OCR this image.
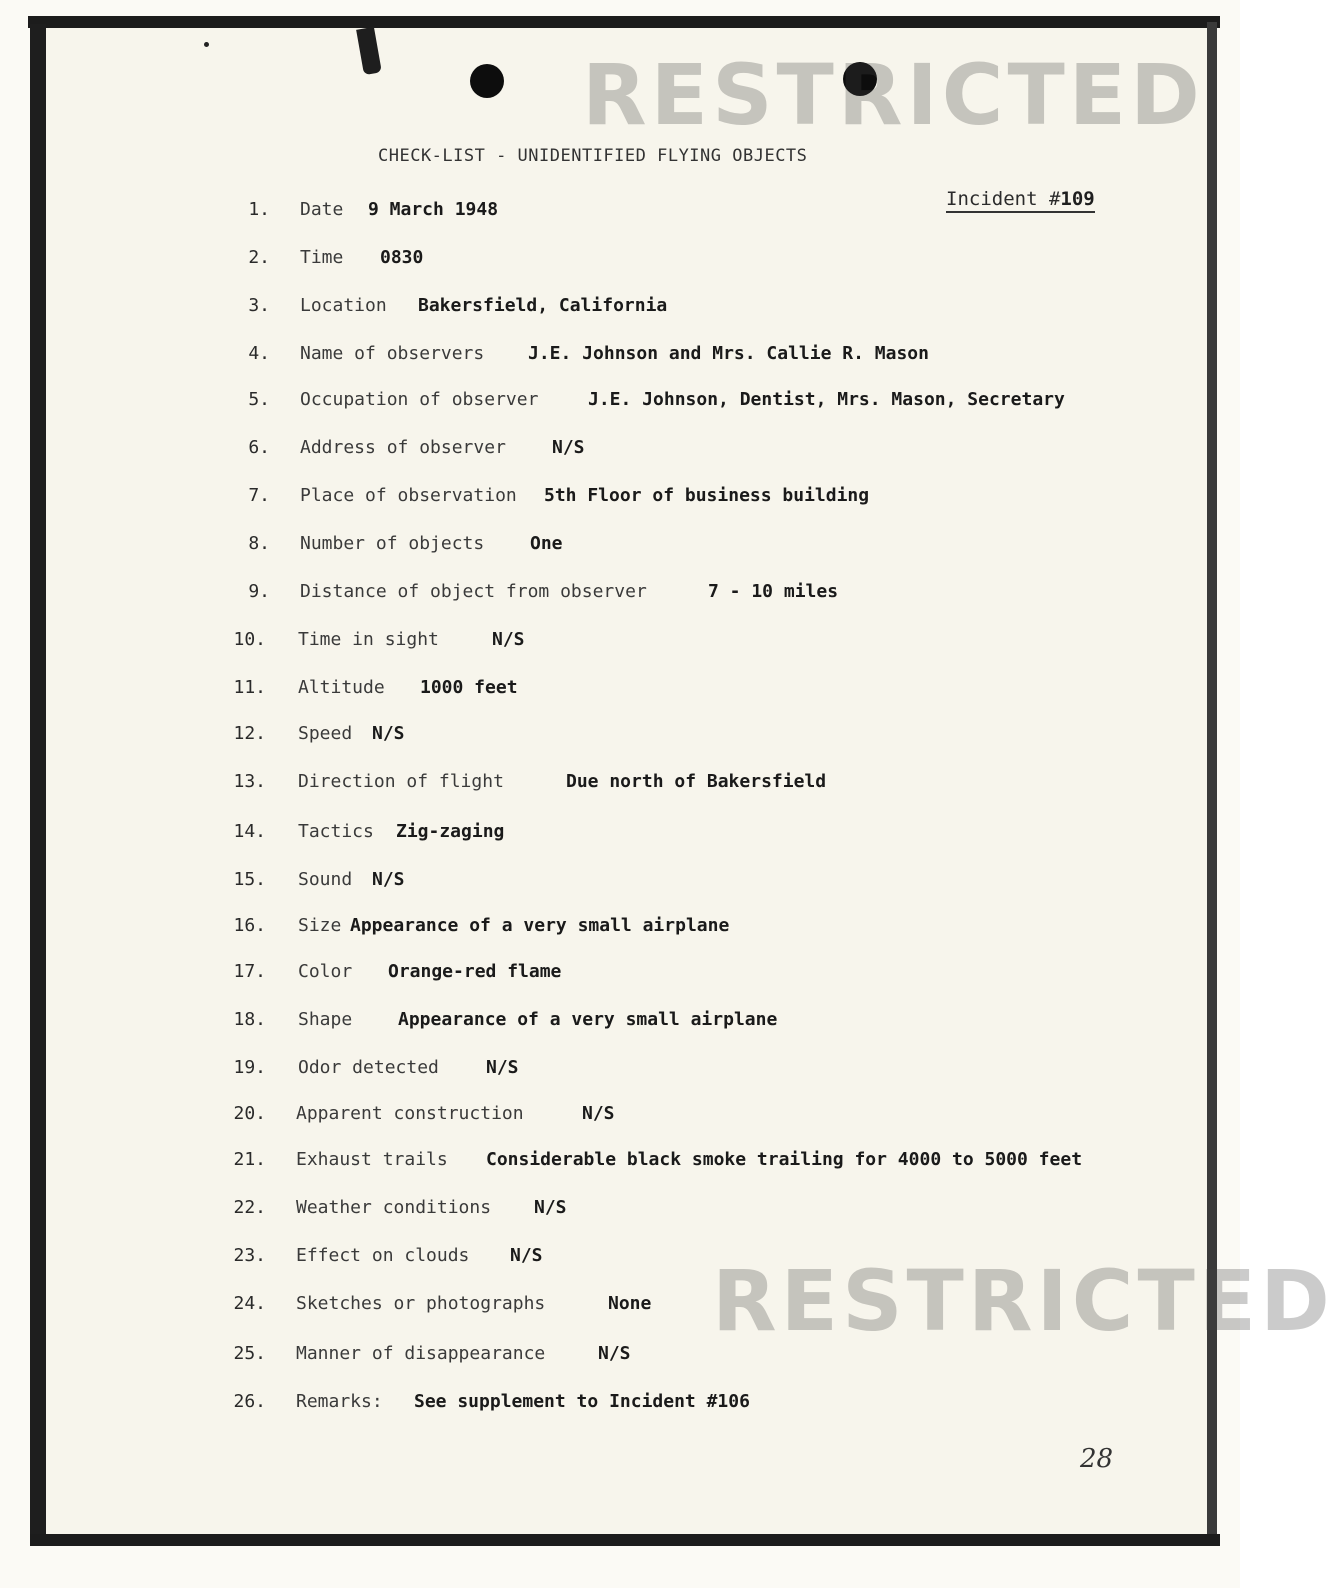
RESTRICTED
RESTRICTED
CHECK-LIST - UNIDENTIFIED FLYING OBJECTS
Incident #109
1. Date 9 March 1948
2. Time 0830
3. Location Bakersfield, California
4. Name of observers J.E. Johnson and Mrs. Callie R. Mason
5. Occupation of observer	J.E. Johnson, Dentist, Mrs. Mason, Secretary
6. Address of observer	N/S
7. Place of observation 5th Floor of business building
8. Number of objects	One
9. Distance of object from observer	7 - 10 miles
10. Time in sight	N/S
11. Altitude 1000 feet
12. Speed N/S
13. Direction of flight	Due north of Bakersfield
14. Tactics Zig-zaging
15. Sound N/S
16. Size Appearance of a very small airplane
17. Color Orange-red flame
18. Shape	Appearance of a very small airplane
19. Odor detected	N/S
20. Apparent construction	N/S
21. Exhaust trails Considerable black smoke trailing for 4000 to 5000 feet
22. Weather conditions N/S
23. Effect on clouds N/S
24. Sketches or photographs	None
25. Manner of disappearance	N/S
26. Remarks: See supplement to Incident #106
28
